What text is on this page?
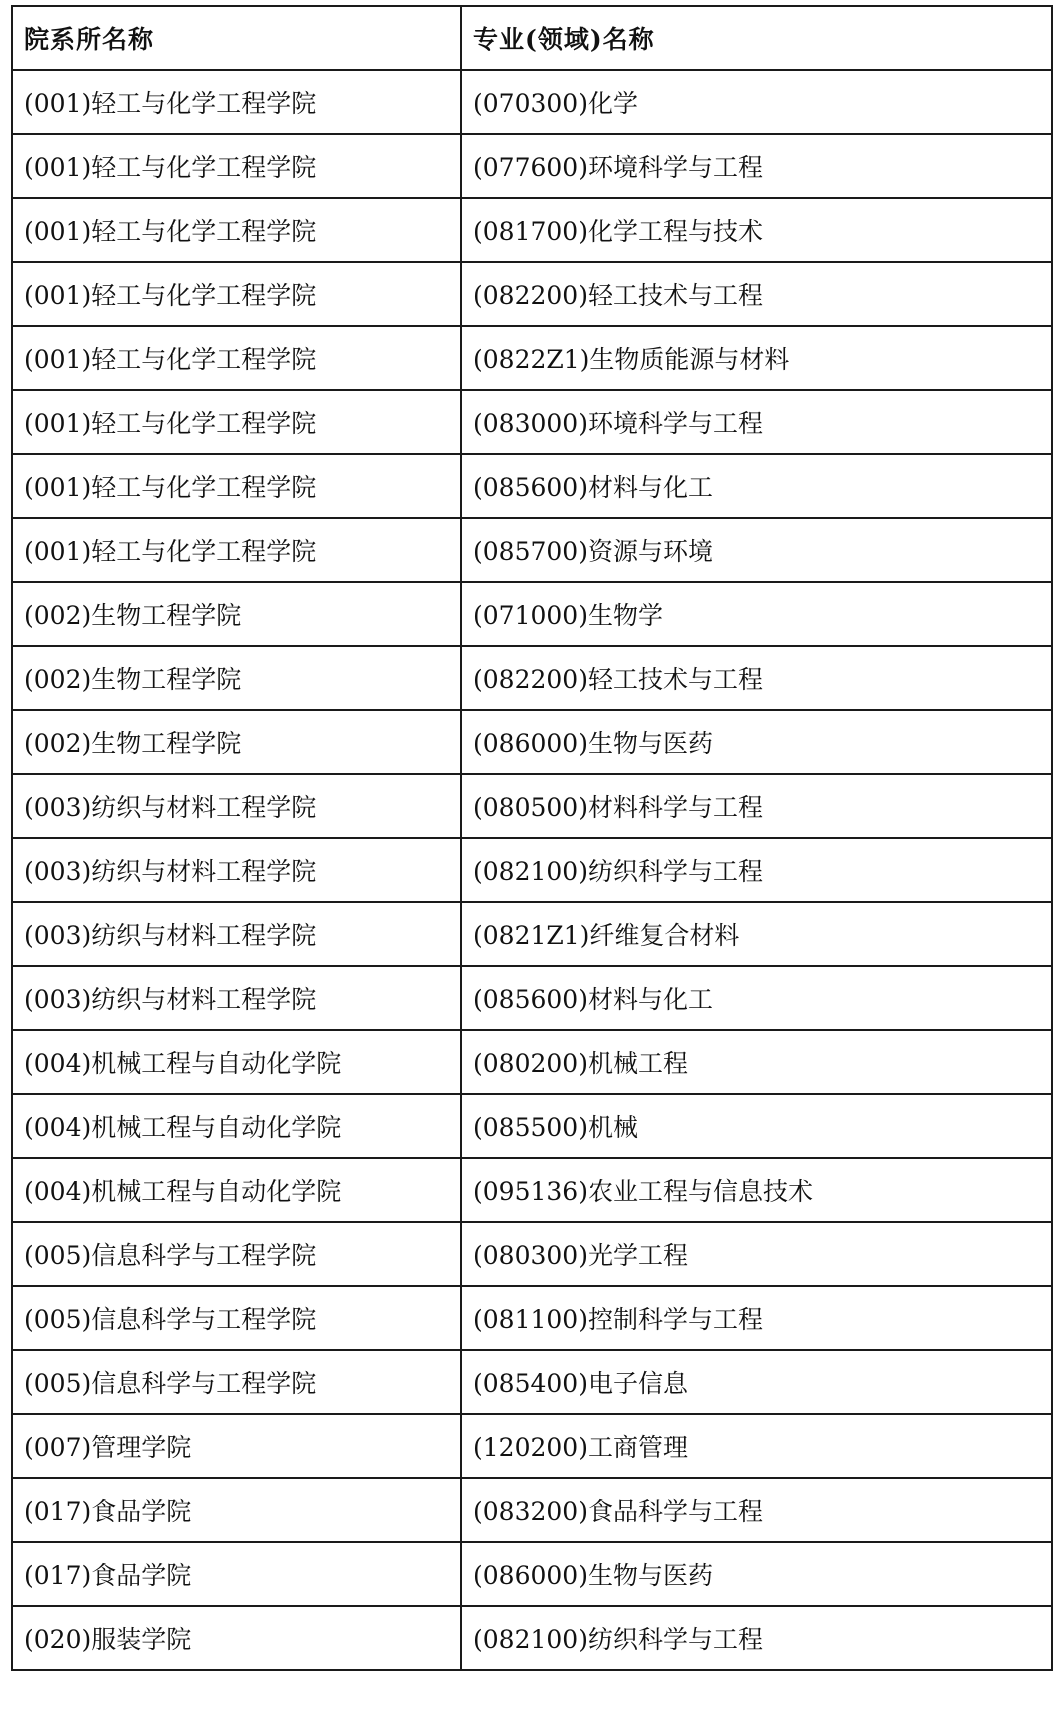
院系所名称	专业(领域)名称
(001)轻工与化学工程学院	(070300)化学
(001)轻工与化学工程学院	(077600)环境科学与工程
(001)轻工与化学工程学院	(081700)化学工程与技术
(001)轻工与化学工程学院	(082200)轻工技术与工程
(001)轻工与化学工程学院	(0822Z1)生物质能源与材料
(001)轻工与化学工程学院	(083000)环境科学与工程
(001)轻工与化学工程学院	(085600)材料与化工
(001)轻工与化学工程学院	(085700)资源与环境
(002)生物工程学院	(071000)生物学
(002)生物工程学院	(082200)轻工技术与工程
(002)生物工程学院	(086000)生物与医药
(003)纺织与材料工程学院	(080500)材料科学与工程
(003)纺织与材料工程学院	(082100)纺织科学与工程
(003)纺织与材料工程学院	(0821Z1)纤维复合材料
(003)纺织与材料工程学院	(085600)材料与化工
(004)机械工程与自动化学院	(080200)机械工程
(004)机械工程与自动化学院	(085500)机械
(004)机械工程与自动化学院	(095136)农业工程与信息技术
(005)信息科学与工程学院	(080300)光学工程
(005)信息科学与工程学院	(081100)控制科学与工程
(005)信息科学与工程学院	(085400)电子信息
(007)管理学院	(120200)工商管理
(017)食品学院	(083200)食品科学与工程
(017)食品学院	(086000)生物与医药
(020)服装学院	(082100)纺织科学与工程
